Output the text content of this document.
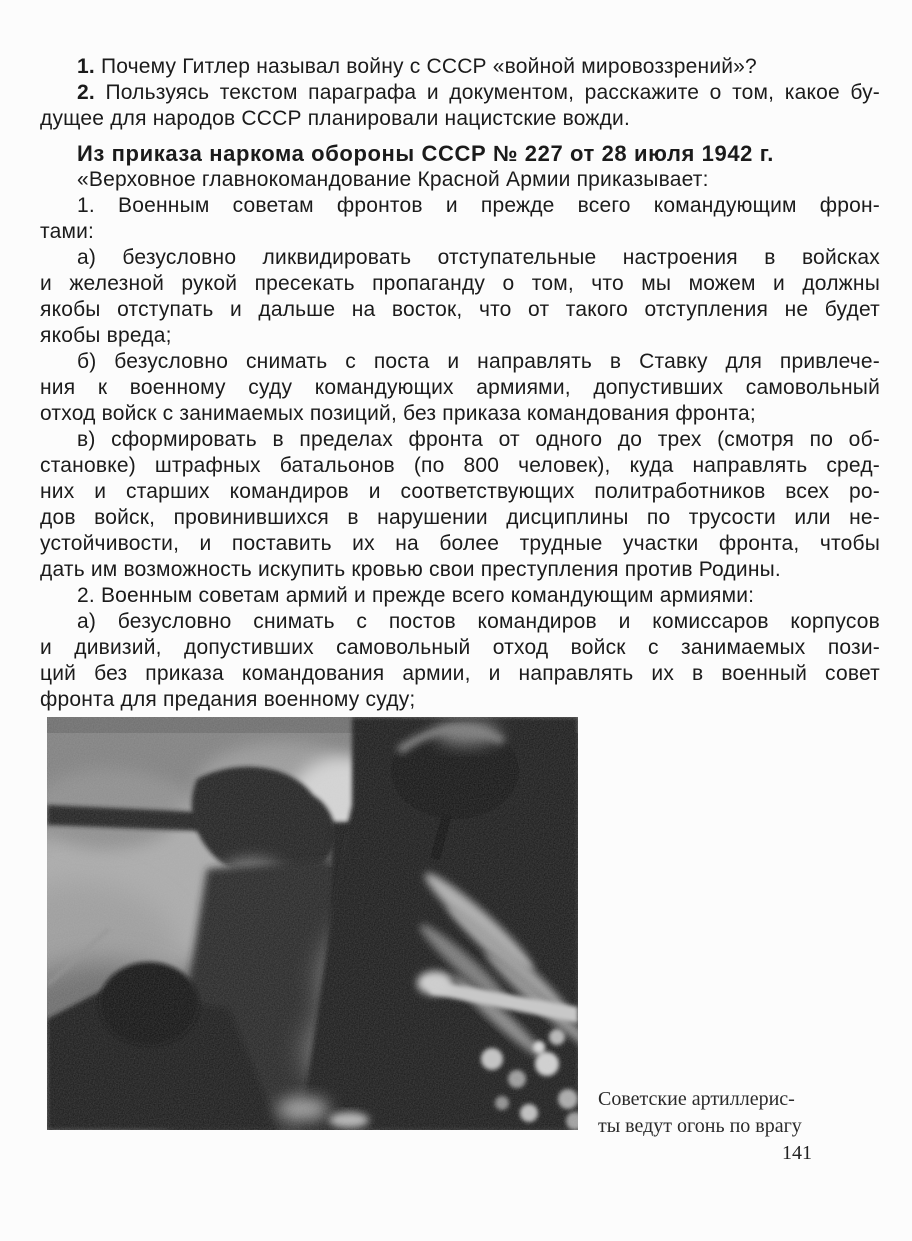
1. Почему Гитлер называл войну с СССР «войной мировоззрений»?
2. Пользуясь текстом параграфа и документом, расскажите о том, какое бу-
дущее для народов СССР планировали нацистские вожди.
Из приказа наркома обороны СССР № 227 от 28 июля 1942 г.
«Верховное главнокомандование Красной Армии приказывает:
1. Военным советам фронтов и прежде всего командующим фрон-
тами:
а) безусловно ликвидировать отступательные настроения в войсках
и железной рукой пресекать пропаганду о том, что мы можем и должны
якобы отступать и дальше на восток, что от такого отступления не будет
якобы вреда;
б) безусловно снимать с поста и направлять в Ставку для привлече-
ния к военному суду командующих армиями, допустивших самовольный
отход войск с занимаемых позиций, без приказа командования фронта;
в) сформировать в пределах фронта от одного до трех (смотря по об-
становке) штрафных батальонов (по 800 человек), куда направлять сред-
них и старших командиров и соответствующих политработников всех ро-
дов войск, провинившихся в нарушении дисциплины по трусости или не-
устойчивости, и поставить их на более трудные участки фронта, чтобы
дать им возможность искупить кровью свои преступления против Родины.
2. Военным советам армий и прежде всего командующим армиями:
а) безусловно снимать с постов командиров и комиссаров корпусов
и дивизий, допустивших самовольный отход войск с занимаемых пози-
ций без приказа командования армии, и направлять их в военный совет
фронта для предания военному суду;
Советские артиллерис-
ты ведут огонь по врагу
141
